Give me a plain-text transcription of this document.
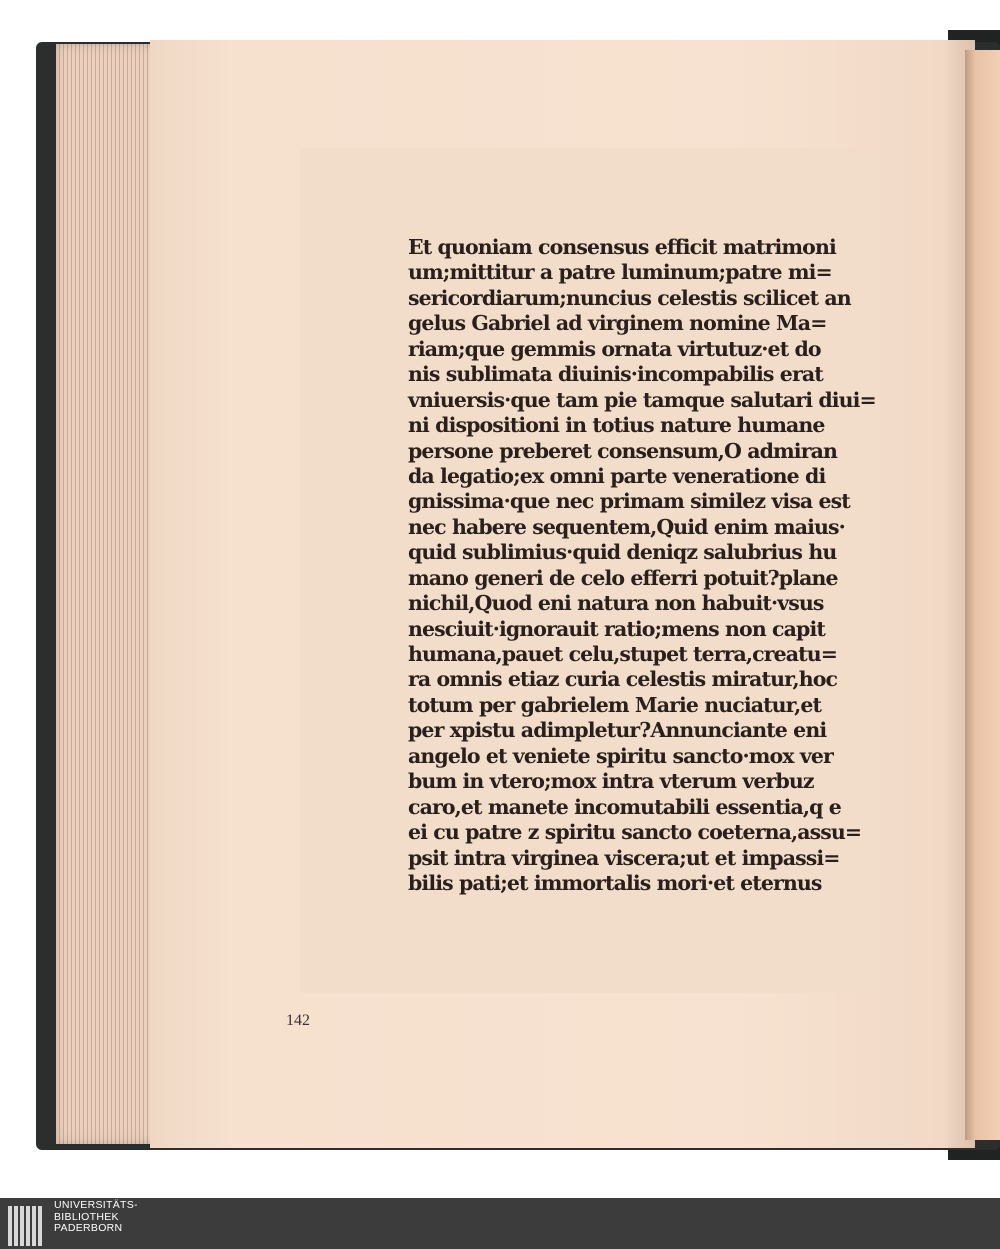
Et quoniam consensus efficit matrimoni
um;mittitur a patre luminum;patre mi=
sericordiarum;nuncius celestis scilicet an
gelus Gabriel ad virginem nomine Ma=
riam;que gemmis ornata virtutuz·et do
nis sublimata diuinis·incompabilis erat
vniuersis·que tam pie tamque salutari diui=
ni dispositioni in totius nature humane
persone preberet consensum,O admiran
da legatio;ex omni parte veneratione di
gnissima·que nec primam similez visa est
nec habere sequentem,Quid enim maius·
quid sublimius·quid deniqz salubrius hu
mano generi de celo efferri potuit?plane
nichil,Quod eni natura non habuit·vsus
nesciuit·ignorauit ratio;mens non capit
humana,pauet celu,stupet terra,creatu=
ra omnis etiaz curia celestis miratur,hoc
totum per gabrielem Marie nuciatur,et
per xpistu adimpletur?Annunciante eni
angelo et veniete spiritu sancto·mox ver
bum in vtero;mox intra vterum verbuz
caro,et manete incomutabili essentia,q e
ei cu patre z spiritu sancto coeterna,assu=
psit intra virginea viscera;ut et impassi=
bilis pati;et immortalis mori·et eternus
142
UNIVERSITÄTS-
BIBLIOTHEK
PADERBORN
